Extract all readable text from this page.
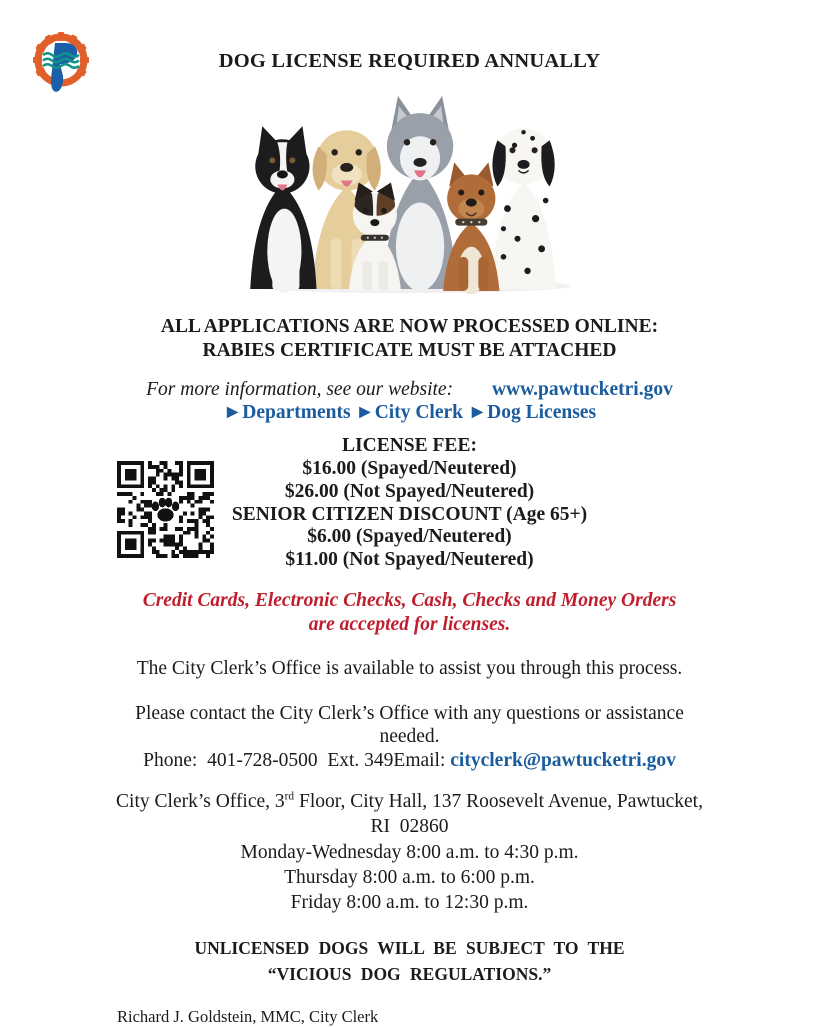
DOG LICENSE REQUIRED ANNUALLY
ALL APPLICATIONS ARE NOW PROCESSED ONLINE:
RABIES CERTIFICATE MUST BE ATTACHED
For more information, see our website: www.pawtucketri.gov
►Departments ►City Clerk ►Dog Licenses
LICENSE FEE:
$16.00 (Spayed/Neutered)
$26.00 (Not Spayed/Neutered)
SENIOR CITIZEN DISCOUNT (Age 65+)
$6.00 (Spayed/Neutered)
$11.00 (Not Spayed/Neutered)
Credit Cards, Electronic Checks, Cash, Checks and Money Orders
are accepted for licenses.
The City Clerk’s Office is available to assist you through this process.
Please contact the City Clerk’s Office with any questions or assistance
needed.
Phone:  401-728-0500  Ext. 349Email: cityclerk@pawtucketri.gov
City Clerk’s Office, 3rd Floor, City Hall, 137 Roosevelt Avenue, Pawtucket,
RI  02860
Monday-Wednesday 8:00 a.m. to 4:30 p.m.
Thursday 8:00 a.m. to 6:00 p.m.
Friday 8:00 a.m. to 12:30 p.m.
UNLICENSED DOGS WILL BE SUBJECT TO THE
“VICIOUS DOG REGULATIONS.”
Richard J. Goldstein, MMC, City Clerk
